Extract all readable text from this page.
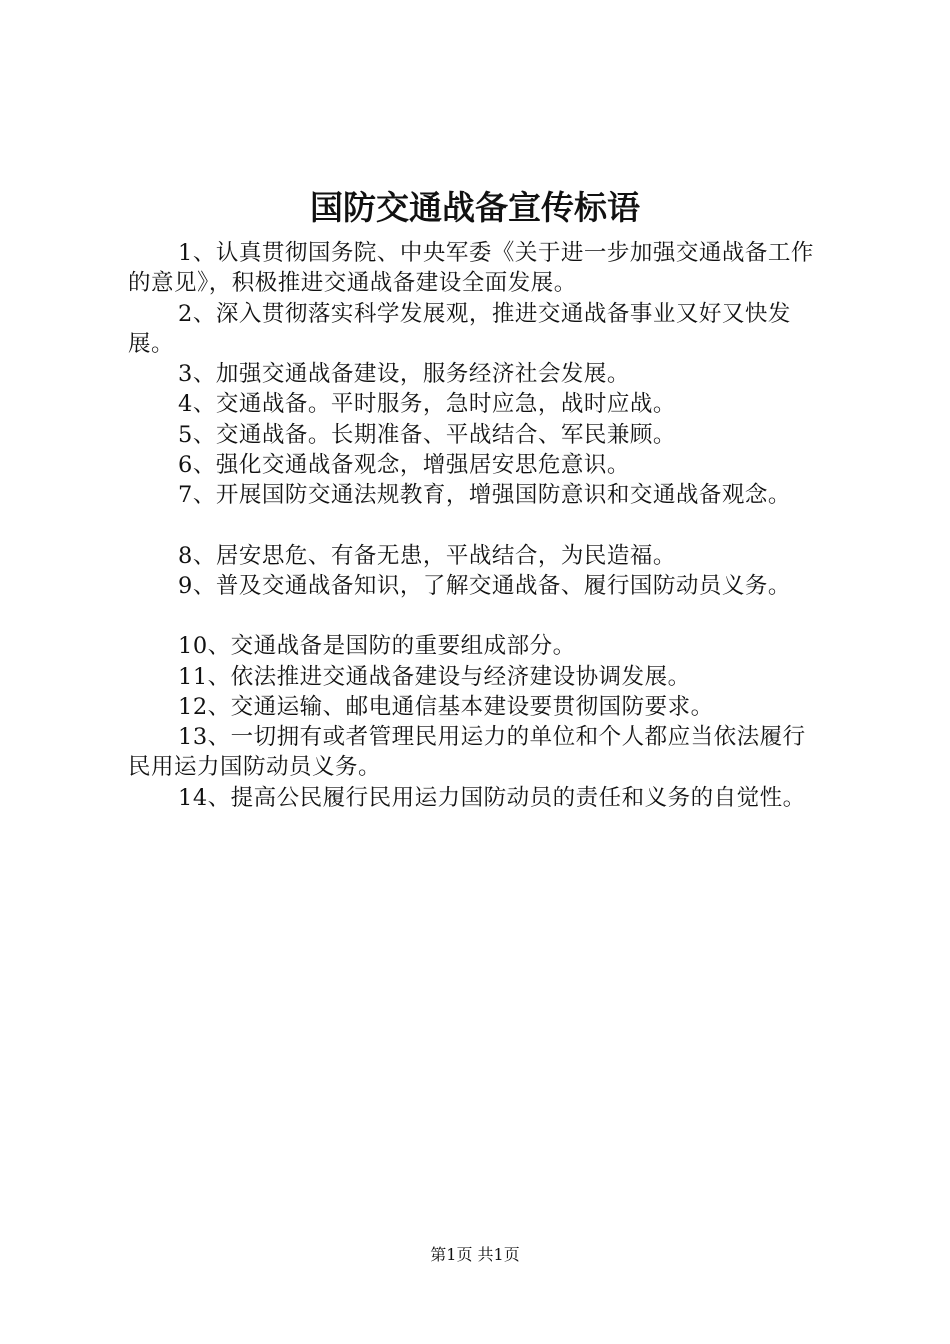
国防交通战备宣传标语

1、认真贯彻国务院、中央军委《关于进一步加强交通战备工作的意见》，积极推进交通战备建设全面发展。

2、深入贯彻落实科学发展观，推进交通战备事业又好又快发展。

3、加强交通战备建设，服务经济社会发展。

4、交通战备。平时服务，急时应急，战时应战。

5、交通战备。长期准备、平战结合、军民兼顾。

6、强化交通战备观念，增强居安思危意识。

7、开展国防交通法规教育，增强国防意识和交通战备观念。

8、居安思危、有备无患，平战结合，为民造福。

9、普及交通战备知识，了解交通战备、履行国防动员义务。

10、交通战备是国防的重要组成部分。

11、依法推进交通战备建设与经济建设协调发展。

12、交通运输、邮电通信基本建设要贯彻国防要求。

13、一切拥有或者管理民用运力的单位和个人都应当依法履行民用运力国防动员义务。

14、提高公民履行民用运力国防动员的责任和义务的自觉性。

第1页 共1页
